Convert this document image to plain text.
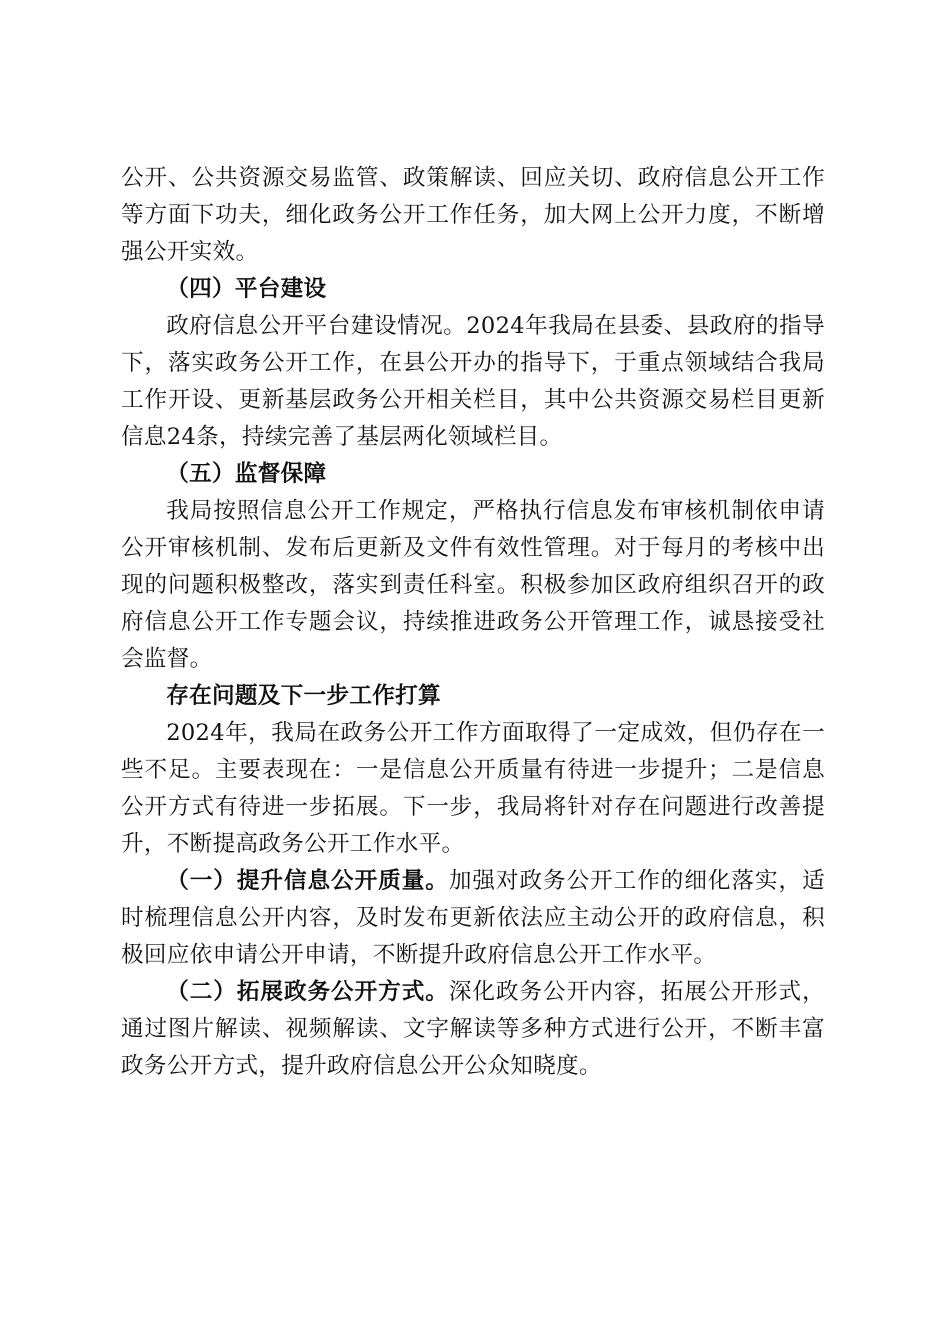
公开、公共资源交易监管、政策解读、回应关切、政府信息公开工作等方面下功夫，细化政务公开工作任务，加大网上公开力度，不断增强公开实效。

（四）平台建设

政府信息公开平台建设情况。2024年我局在县委、县政府的指导下，落实政务公开工作，在县公开办的指导下，于重点领域结合我局工作开设、更新基层政务公开相关栏目，其中公共资源交易栏目更新信息24条，持续完善了基层两化领域栏目。

（五）监督保障

我局按照信息公开工作规定，严格执行信息发布审核机制依申请公开审核机制、发布后更新及文件有效性管理。对于每月的考核中出现的问题积极整改，落实到责任科室。积极参加区政府组织召开的政府信息公开工作专题会议，持续推进政务公开管理工作，诚恳接受社会监督。

存在问题及下一步工作打算

2024年，我局在政务公开工作方面取得了一定成效，但仍存在一些不足。主要表现在：一是信息公开质量有待进一步提升；二是信息公开方式有待进一步拓展。下一步，我局将针对存在问题进行改善提升，不断提高政务公开工作水平。

（一）提升信息公开质量。加强对政务公开工作的细化落实，适时梳理信息公开内容，及时发布更新依法应主动公开的政府信息，积极回应依申请公开申请，不断提升政府信息公开工作水平。

（二）拓展政务公开方式。深化政务公开内容，拓展公开形式，通过图片解读、视频解读、文字解读等多种方式进行公开，不断丰富政务公开方式，提升政府信息公开公众知晓度。
